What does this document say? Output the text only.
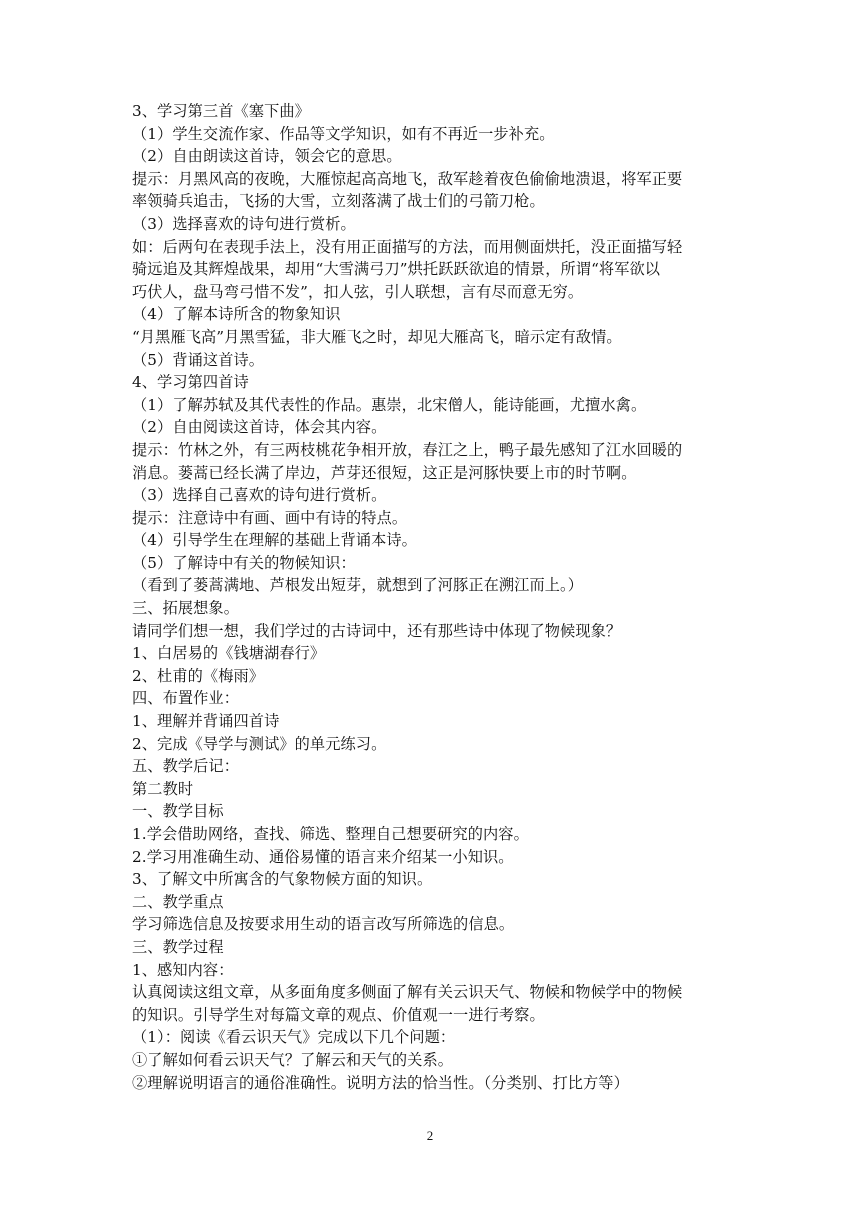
3、学习第三首《塞下曲》

（1）学生交流作家、作品等文学知识，如有不再近一步补充。

（2）自由朗读这首诗，领会它的意思。

提示：月黑风高的夜晚，大雁惊起高高地飞，敌军趁着夜色偷偷地溃退，将军正要

率领骑兵追击，飞扬的大雪，立刻落满了战士们的弓箭刀枪。

（3）选择喜欢的诗句进行赏析。

如：后两句在表现手法上，没有用正面描写的方法，而用侧面烘托，没正面描写轻

骑远追及其辉煌战果，却用“大雪满弓刀”烘托跃跃欲追的情景，所谓“将军欲以

巧伏人，盘马弯弓惜不发”，扣人弦，引人联想，言有尽而意无穷。

（4）了解本诗所含的物象知识

“月黑雁飞高”月黑雪猛，非大雁飞之时，却见大雁高飞，暗示定有敌情。

（5）背诵这首诗。

4、学习第四首诗

（1）了解苏轼及其代表性的作品。惠崇，北宋僧人，能诗能画，尤擅水禽。

（2）自由阅读这首诗，体会其内容。

提示：竹林之外，有三两枝桃花争相开放，春江之上，鸭子最先感知了江水回暖的

消息。蒌蒿已经长满了岸边，芦芽还很短，这正是河豚快要上市的时节啊。

（3）选择自己喜欢的诗句进行赏析。

提示：注意诗中有画、画中有诗的特点。

（4）引导学生在理解的基础上背诵本诗。

（5）了解诗中有关的物候知识：

（看到了蒌蒿满地、芦根发出短芽，就想到了河豚正在溯江而上。）

三、拓展想象。

请同学们想一想，我们学过的古诗词中，还有那些诗中体现了物候现象？

1、白居易的《钱塘湖春行》

2、杜甫的《梅雨》

四、布置作业：

1、理解并背诵四首诗

2、完成《导学与测试》的单元练习。

五、教学后记：

第二教时

一、教学目标

1.学会借助网络，查找、筛选、整理自己想要研究的内容。

2.学习用准确生动、通俗易懂的语言来介绍某一小知识。

3、了解文中所寓含的气象物候方面的知识。

二、教学重点

学习筛选信息及按要求用生动的语言改写所筛选的信息。

三、教学过程

1、感知内容：

认真阅读这组文章，从多面角度多侧面了解有关云识天气、物候和物候学中的物候

的知识。引导学生对每篇文章的观点、价值观一一进行考察。

（1）：阅读《看云识天气》完成以下几个问题：

①了解如何看云识天气？了解云和天气的关系。

②理解说明语言的通俗准确性。说明方法的恰当性。（分类别、打比方等）

2
